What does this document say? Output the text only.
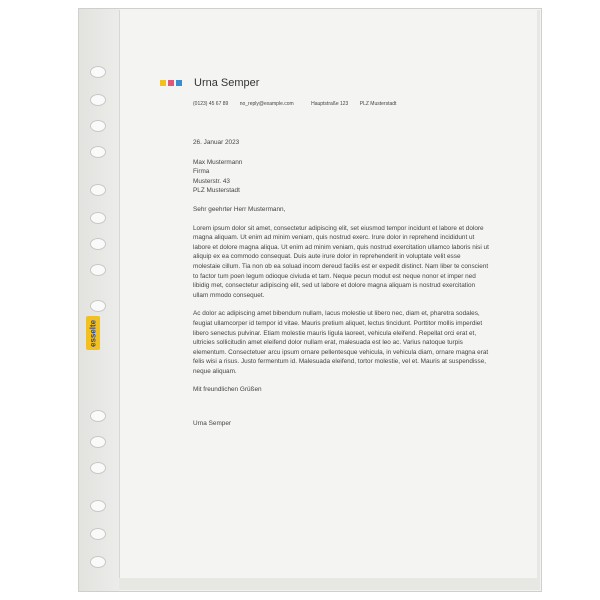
esselte
Urna Semper
(0123) 45 67 89 no_reply@example.com	Hauptstraße 123 PLZ Musterstadt
26. Januar 2023
Max Mustermann
Firma
Musterstr. 43
PLZ Musterstadt

Sehr geehrter Herr Mustermann,

Lorem ipsum dolor sit amet, consectetur adipiscing elit, set eiusmod tempor incidunt et labore et dolore magna aliquam. Ut enim ad minim veniam, quis nostrud exerc. Irure dolor in reprehend incididunt ut labore et dolore magna aliqua. Ut enim ad minim veniam, quis nostrud exercitation ullamco laboris nisi ut aliquip ex ea commodo consequat. Duis aute irure dolor in reprehenderit in voluptate velit esse molestaie cillum. Tia non ob ea soluad incom dereud facilis est er expedit distinct. Nam liber te conscient to factor tum poen legum odioque civiuda et tam. Neque pecun modut est neque nonor et imper ned libidig met, consectetur adipiscing elit, sed ut labore et dolore magna aliquam is nostrud exercitation ullam mmodo consequet.

Ac dolor ac adipiscing amet bibendum nullam, lacus molestie ut libero nec, diam et, pharetra sodales, feugiat ullamcorper id tempor id vitae. Mauris pretium aliquet, lectus tincidunt. Porttitor mollis imperdiet libero senectus pulvinar. Etiam molestie mauris ligula laoreet, vehicula eleifend. Repellat orci erat et, ultricies sollicitudin amet eleifend dolor nullam erat, malesuada est leo ac. Varius natoque turpis elementum. Consectetuer arcu ipsum ornare pellentesque vehicula, in vehicula diam, ornare magna erat felis wisi a risus. Justo fermentum id. Malesuada eleifend, tortor molestie, vel et. Mauris at suspendisse, neque aliquam.

Mit freundlichen Grüßen
Urna Semper
